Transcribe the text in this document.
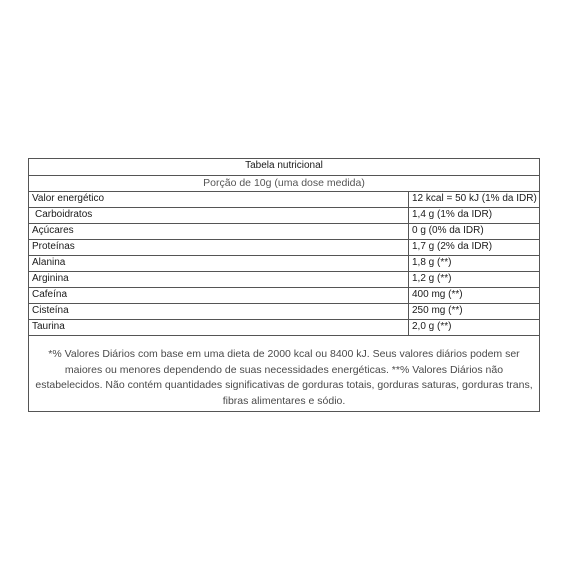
Tabela nutricional
Porção de 10g (uma dose medida)
Valor energético	12 kcal = 50 kJ (1% da IDR)
Carboidratos	1,4 g (1% da IDR)
Açúcares	0 g (0% da IDR)
Proteínas	1,7 g (2% da IDR)
Alanina	1,8 g (**)
Arginina	1,2 g (**)
Cafeína	400 mg (**)
Cisteína	250 mg (**)
Taurina	2,0 g (**)
*% Valores Diários com base em uma dieta de 2000 kcal ou 8400 kJ. Seus valores diários podem ser maiores ou menores dependendo de suas necessidades energéticas. **% Valores Diários não estabelecidos. Não contém quantidades significativas de gorduras totais, gorduras saturas, gorduras trans, fibras alimentares e sódio.
